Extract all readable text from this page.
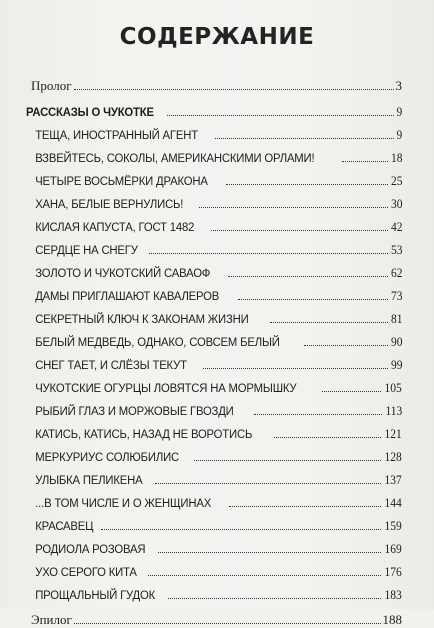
СОДЕРЖАНИЕ
Пролог	3
РАССКАЗЫ О ЧУКОТКЕ	9
ТЕЩА, ИНОСТРАННЫЙ АГЕНТ	9
ВЗВЕЙТЕСЬ, СОКОЛЫ, АМЕРИКАНСКИМИ ОРЛАМИ!	18
ЧЕТЫРЕ ВОСЬМЁРКИ ДРАКОНА	25
ХАНА, БЕЛЫЕ ВЕРНУЛИСЬ!	30
КИСЛАЯ КАПУСТА, ГОСТ 1482	42
СЕРДЦЕ НА СНЕГУ	53
ЗОЛОТО И ЧУКОТСКИЙ САВАОФ	62
ДАМЫ ПРИГЛАШАЮТ КАВАЛЕРОВ	73
СЕКРЕТНЫЙ КЛЮЧ К ЗАКОНАМ ЖИЗНИ	81
БЕЛЫЙ МЕДВЕДЬ, ОДНАКО, СОВСЕМ БЕЛЫЙ	90
СНЕГ ТАЕТ, И СЛЁЗЫ ТЕКУТ	99
ЧУКОТСКИЕ ОГУРЦЫ ЛОВЯТСЯ НА МОРМЫШКУ	105
РЫБИЙ ГЛАЗ И МОРЖОВЫЕ ГВОЗДИ	113
КАТИСЬ, КАТИСЬ, НАЗАД НЕ ВОРОТИСЬ	121
МЕРКУРИУС СОЛЮБИЛИС	128
УЛЫБКА ПЕЛИКЕНА	137
...В ТОМ ЧИСЛЕ И О ЖЕНЩИНАХ	144
КРАСАВЕЦ	159
РОДИОЛА РОЗОВАЯ	169
УХО СЕРОГО КИТА	176
ПРОЩАЛЬНЫЙ ГУДОК	183
Эпилог	188
